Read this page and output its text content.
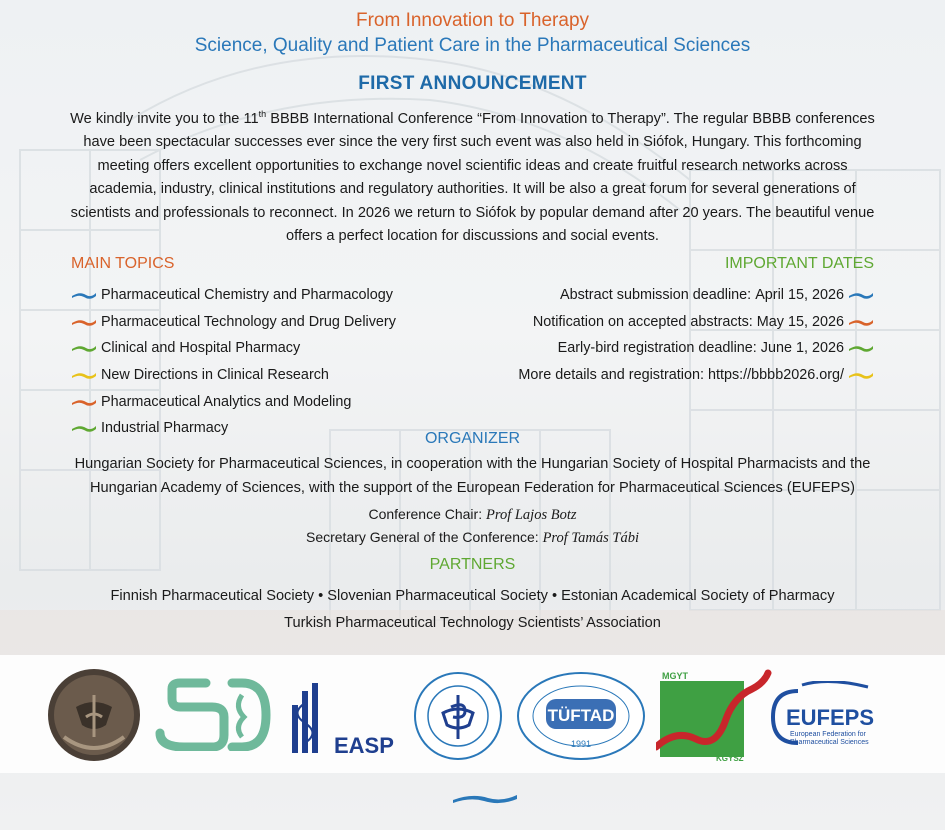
From Innovation to Therapy
Science, Quality and Patient Care in the Pharmaceutical Sciences
FIRST ANNOUNCEMENT
We kindly invite you to the 11th BBBB International Conference “From Innovation to Therapy”. The regular BBBB conferences have been spectacular successes ever since the very first such event was also held in Siófok, Hungary. This forthcoming meeting offers excellent opportunities to exchange novel scientific ideas and create fruitful research networks across academia, industry, clinical institutions and regulatory authorities. It will be also a great forum for several generations of scientists and professionals to reconnect. In 2026 we return to Siófok by popular demand after 20 years. The beautiful venue offers a perfect location for discussions and social events.
MAIN TOPICS	IMPORTANT DATES
Pharmaceutical Chemistry and Pharmacology
Pharmaceutical Technology and Drug Delivery
Clinical and Hospital Pharmacy
New Directions in Clinical Research
Pharmaceutical Analytics and Modeling
Industrial Pharmacy
Abstract submission deadline: April 15, 2026
Notification on accepted abstracts: May 15, 2026
Early-bird registration deadline: June 1, 2026
More details and registration: https://bbbb2026.org/
ORGANIZER
Hungarian Society for Pharmaceutical Sciences, in cooperation with the Hungarian Society of Hospital Pharmacists and the Hungarian Academy of Sciences, with the support of the European Federation for Pharmaceutical Sciences (EUFEPS)
Conference Chair: Prof Lajos Botz
Secretary General of the Conference: Prof Tamás Tábi
PARTNERS
Finnish Pharmaceutical Society • Slovenian Pharmaceutical Society • Estonian Academical Society of Pharmacy
Turkish Pharmaceutical Technology Scientists’ Association
EASP
TÜFTAD
1991
MGYT
KGYSZ
EUFEPS
European Federation for
Pharmaceutical Sciences
